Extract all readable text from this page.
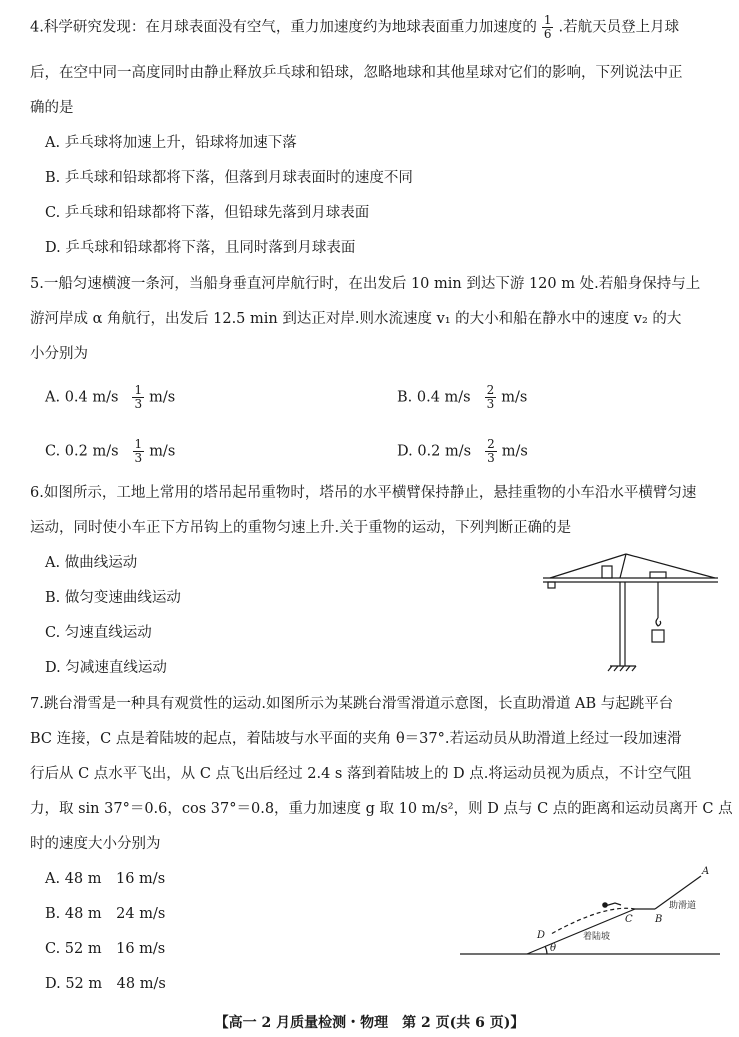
4.科学研究发现：在月球表面没有空气，重力加速度约为地球表面重力加速度的 $\frac{1}{6}$ .若航天员登上月球
后，在空中同一高度同时由静止释放乒乓球和铅球，忽略地球和其他星球对它们的影响，下列说法中正
确的是
A. 乒乓球将加速上升，铅球将加速下落
B. 乒乓球和铅球都将下落，但落到月球表面时的速度不同
C. 乒乓球和铅球都将下落，但铅球先落到月球表面
D. 乒乓球和铅球都将下落，且同时落到月球表面
5.一船匀速横渡一条河，当船身垂直河岸航行时，在出发后 10 min 到达下游 120 m 处.若船身保持与上
游河岸成 α 角航行，出发后 12.5 min 到达正对岸.则水流速度 v₁ 的大小和船在静水中的速度 v₂ 的大
小分别为
A. 0.4 $m/s \frac{1}{3} m/s$	B. 0.4 $m/s \frac{2}{3} m/s$
C. 0.2 $m/s \frac{1}{3} m/s$	D. 0.2 $m/s \frac{2}{3} m/s$
6.如图所示，工地上常用的塔吊起吊重物时，塔吊的水平横臂保持静止，悬挂重物的小车沿水平横臂匀速
运动，同时使小车正下方吊钩上的重物匀速上升.关于重物的运动，下列判断正确的是
A. 做曲线运动
B. 做匀变速曲线运动
C. 匀速直线运动
D. 匀减速直线运动
7.跳台滑雪是一种具有观赏性的运动.如图所示为某跳台滑雪滑道示意图，长直助滑道 AB 与起跳平台
BC 连接，C 点是着陆坡的起点，着陆坡与水平面的夹角 θ＝37°.若运动员从助滑道上经过一段加速滑
行后从 C 点水平飞出，从 C 点飞出后经过 2.4 s 落到着陆坡上的 D 点.将运动员视为质点，不计空气阻
力，取 sin 37°＝0.6，cos 37°＝0.8，重力加速度 g 取 10 m/s²，则 D 点与 C 点的距离和运动员离开 C 点
时的速度大小分别为
A. 48 m　16 m/s
B. 48 m　24 m/s
C. 52 m　16 m/s
D. 52 m　48 m/s
A
B
C
D
θ
助滑道
着陆坡
【高一 2 月质量检测・物理　第 2 页(共 6 页)】
